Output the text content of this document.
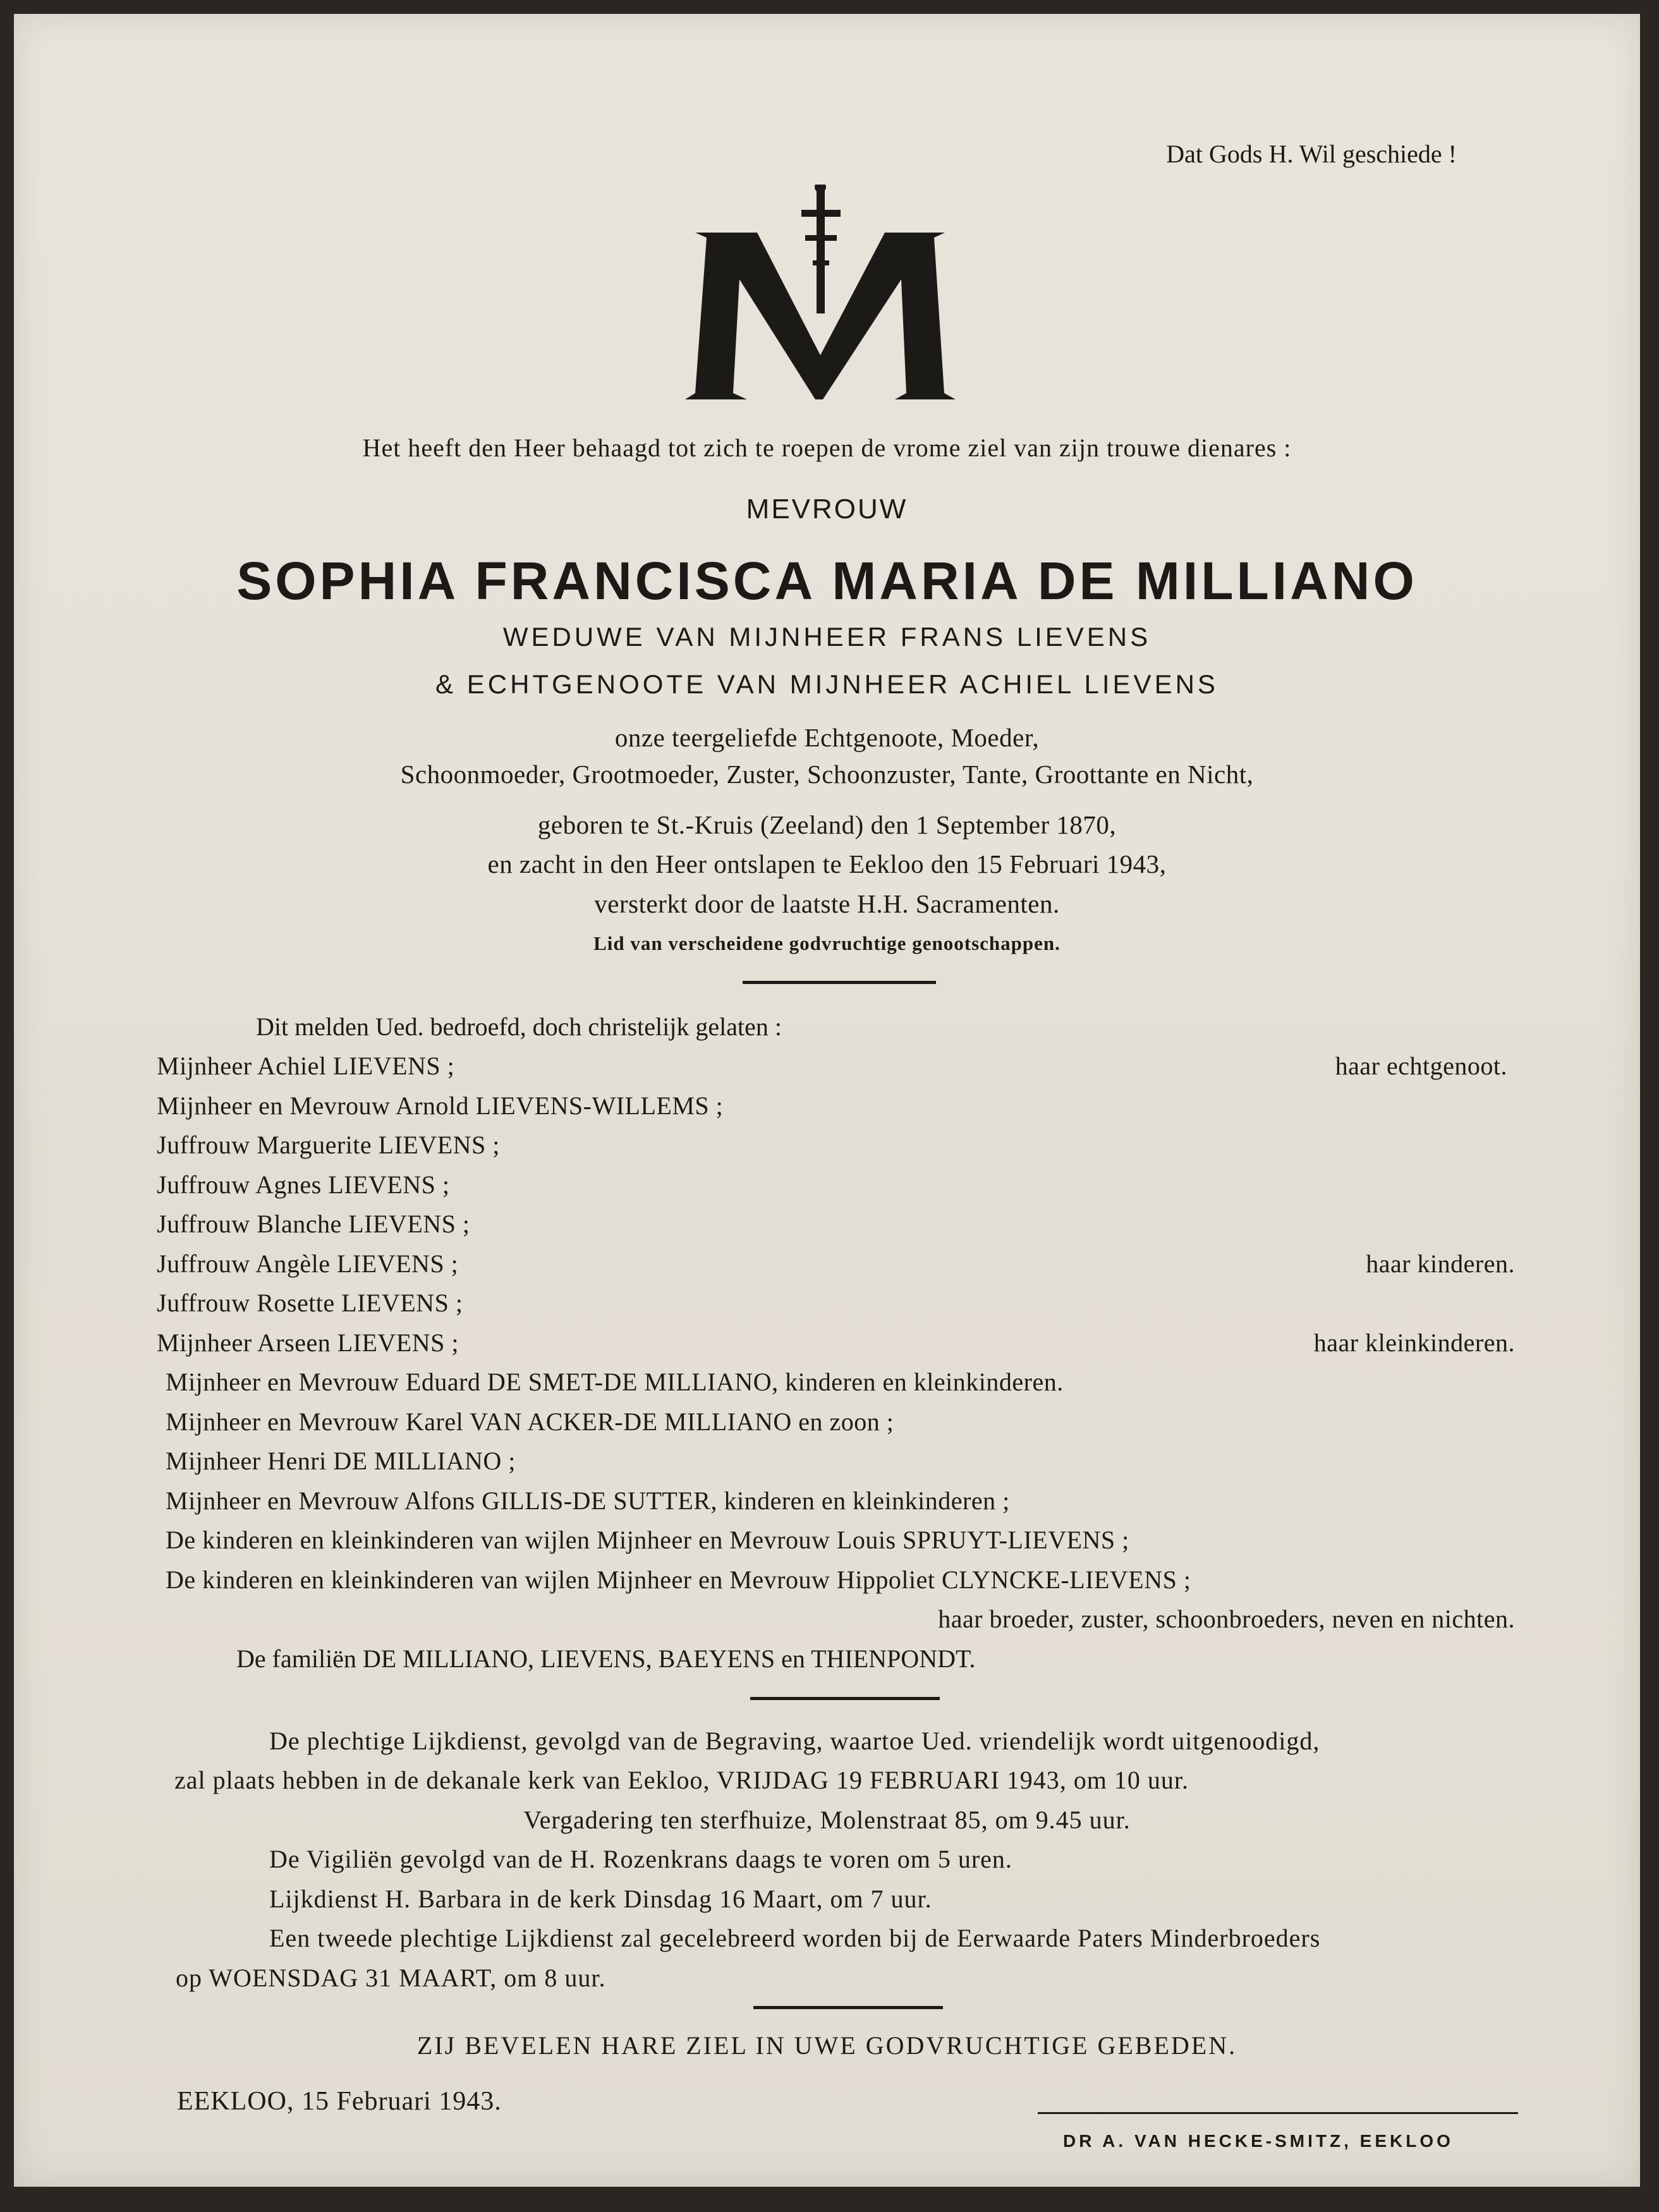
Dat Gods H. Wil geschiede !
Het heeft den Heer behaagd tot zich te roepen de vrome ziel van zijn trouwe dienares :
MEVROUW
SOPHIA FRANCISCA MARIA DE MILLIANO
WEDUWE VAN MIJNHEER FRANS LIEVENS
& ECHTGENOOTE VAN MIJNHEER ACHIEL LIEVENS
onze teergeliefde Echtgenoote, Moeder,
Schoonmoeder, Grootmoeder, Zuster, Schoonzuster, Tante, Groottante en Nicht,
geboren te St.-Kruis (Zeeland) den 1 September 1870,
en zacht in den Heer ontslapen te Eekloo den 15 Februari 1943,
versterkt door de laatste H.H. Sacramenten.
Lid van verscheidene godvruchtige genootschappen.
Dit melden Ued. bedroefd, doch christelijk gelaten :
Mijnheer Achiel LIEVENS ;
Mijnheer en Mevrouw Arnold LIEVENS-WILLEMS ;
Juffrouw Marguerite LIEVENS ;
Juffrouw Agnes LIEVENS ;
Juffrouw Blanche LIEVENS ;
Juffrouw Angèle LIEVENS ;
Juffrouw Rosette LIEVENS ;
Mijnheer Arseen LIEVENS ;
Mijnheer en Mevrouw Eduard DE SMET-DE MILLIANO, kinderen en kleinkinderen.
Mijnheer en Mevrouw Karel VAN ACKER-DE MILLIANO en zoon ;
Mijnheer Henri DE MILLIANO ;
Mijnheer en Mevrouw Alfons GILLIS-DE SUTTER, kinderen en kleinkinderen ;
De kinderen en kleinkinderen van wijlen Mijnheer en Mevrouw Louis SPRUYT-LIEVENS ;
De kinderen en kleinkinderen van wijlen Mijnheer en Mevrouw Hippoliet CLYNCKE-LIEVENS ;
haar echtgenoot.
haar kinderen.
haar kleinkinderen.
haar broeder, zuster, schoonbroeders, neven en nichten.
De familiën DE MILLIANO, LIEVENS, BAEYENS en THIENPONDT.
De plechtige Lijkdienst, gevolgd van de Begraving, waartoe Ued. vriendelijk wordt uitgenoodigd,
zal plaats hebben in de dekanale kerk van Eekloo, VRIJDAG 19 FEBRUARI 1943, om 10 uur.
Vergadering ten sterfhuize, Molenstraat 85, om 9.45 uur.
De Vigiliën gevolgd van de H. Rozenkrans daags te voren om 5 uren.
Lijkdienst H. Barbara in de kerk Dinsdag 16 Maart, om 7 uur.
Een tweede plechtige Lijkdienst zal gecelebreerd worden bij de Eerwaarde Paters Minderbroeders
op WOENSDAG 31 MAART, om 8 uur.
ZIJ BEVELEN HARE ZIEL IN UWE GODVRUCHTIGE GEBEDEN.
EEKLOO, 15 Februari 1943.
DR A. VAN HECKE-SMITZ, EEKLOO
